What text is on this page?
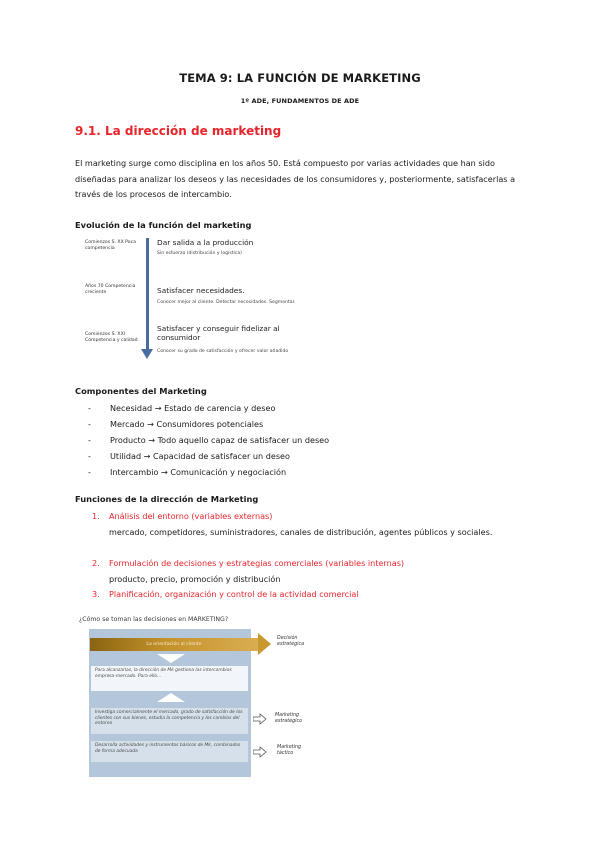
TEMA 9: LA FUNCIÓN DE MARKETING
1º ADE, FUNDAMENTOS DE ADE
9.1. La dirección de marketing

El marketing surge como disciplina en los años 50. Está compuesto por varias actividades que han sido diseñadas para analizar los deseos y las necesidades de los consumidores y, posteriormente, satisfacerlas a través de los procesos de intercambio.

Evolución de la función del marketing
Comienzos S. XX Poca competencia
Años 70 Competencia creciente
Comienzos S. XXI Competencia y calidad
Dar salida a la producción
Sin esfuerzo (distribución y logística)
Satisfacer necesidades.
Conocer mejor al cliente. Detectar necesidades. Segmentar.
Satisfacer y conseguir fidelizar al consumidor
Conocer su grado de satisfacción y ofrecer valor añadido
Componentes del Marketing
- Necesidad → Estado de carencia y deseo
- Mercado → Consumidores potenciales
- Producto → Todo aquello capaz de satisfacer un deseo
- Utilidad → Capacidad de satisfacer un deseo
- Intercambio → Comunicación y negociación
Funciones de la dirección de Marketing
1. Análisis del entorno (variables externas)
mercado, competidores, suministradores, canales de distribución, agentes públicos y sociales.
2. Formulación de decisiones y estrategias comerciales (variables internas)
producto, precio, promoción y distribución
3. Planificación, organización y control de la actividad comercial
¿Cómo se toman las decisiones en MARKETING?
La orientación al cliente
Para alcanzarlas, la dirección de Mk gestiona las intercambios empresa-mercado. Para ello...
Investiga comercialmente el mercado, grado de satisfacción de los clientes con sus bienes, estudia la competencia y los cambios del entorno
Desarrolla actividades y instrumentos básicos de Mk, combinados de forma adecuada
Decisión estratégica
Marketing estratégico
Marketing táctico
